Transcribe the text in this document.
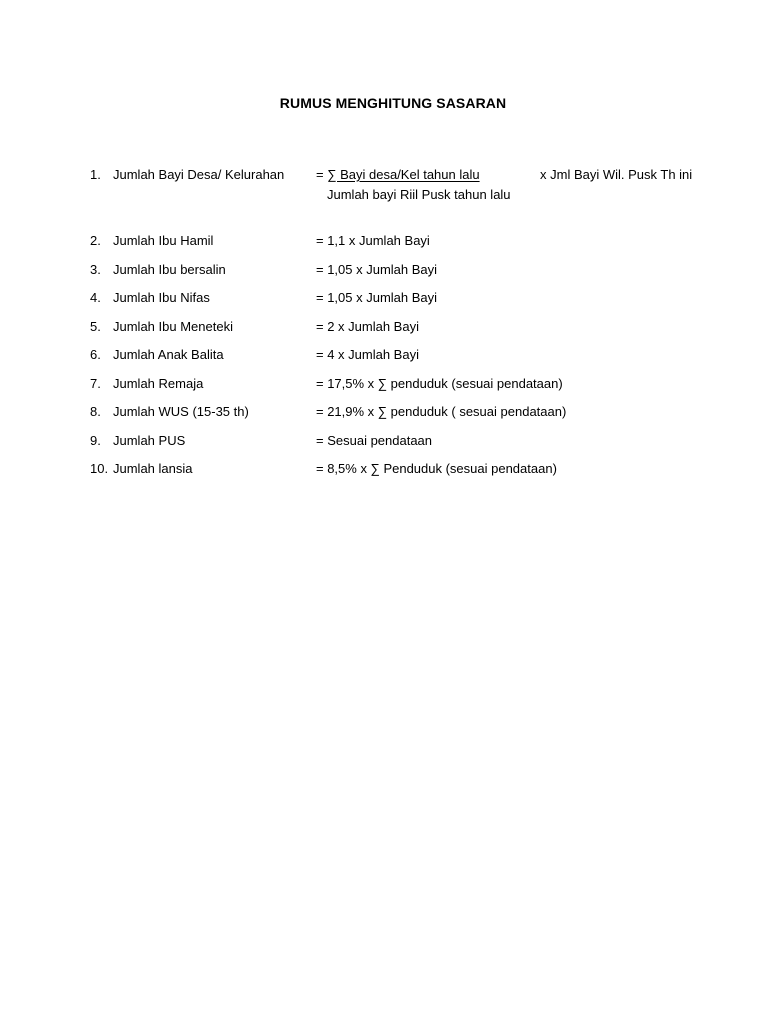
RUMUS MENGHITUNG SASARAN
1. Jumlah Bayi Desa/ Kelurahan = ∑ Bayi desa/Kel tahun lalu	x Jml Bayi Wil. Pusk Th ini
Jumlah bayi Riil Pusk tahun lalu
2. Jumlah Ibu Hamil	= 1,1 x Jumlah Bayi
3. Jumlah Ibu bersalin	= 1,05 x Jumlah Bayi
4. Jumlah Ibu Nifas	= 1,05 x Jumlah Bayi
5. Jumlah Ibu Meneteki	= 2 x Jumlah Bayi
6. Jumlah Anak Balita	= 4 x Jumlah Bayi
7. Jumlah Remaja	= 17,5% x ∑ penduduk (sesuai pendataan)
8. Jumlah WUS (15-35 th)	= 21,9% x ∑ penduduk ( sesuai pendataan)
9. Jumlah PUS	= Sesuai pendataan
10. Jumlah lansia	= 8,5% x ∑ Penduduk (sesuai pendataan)
